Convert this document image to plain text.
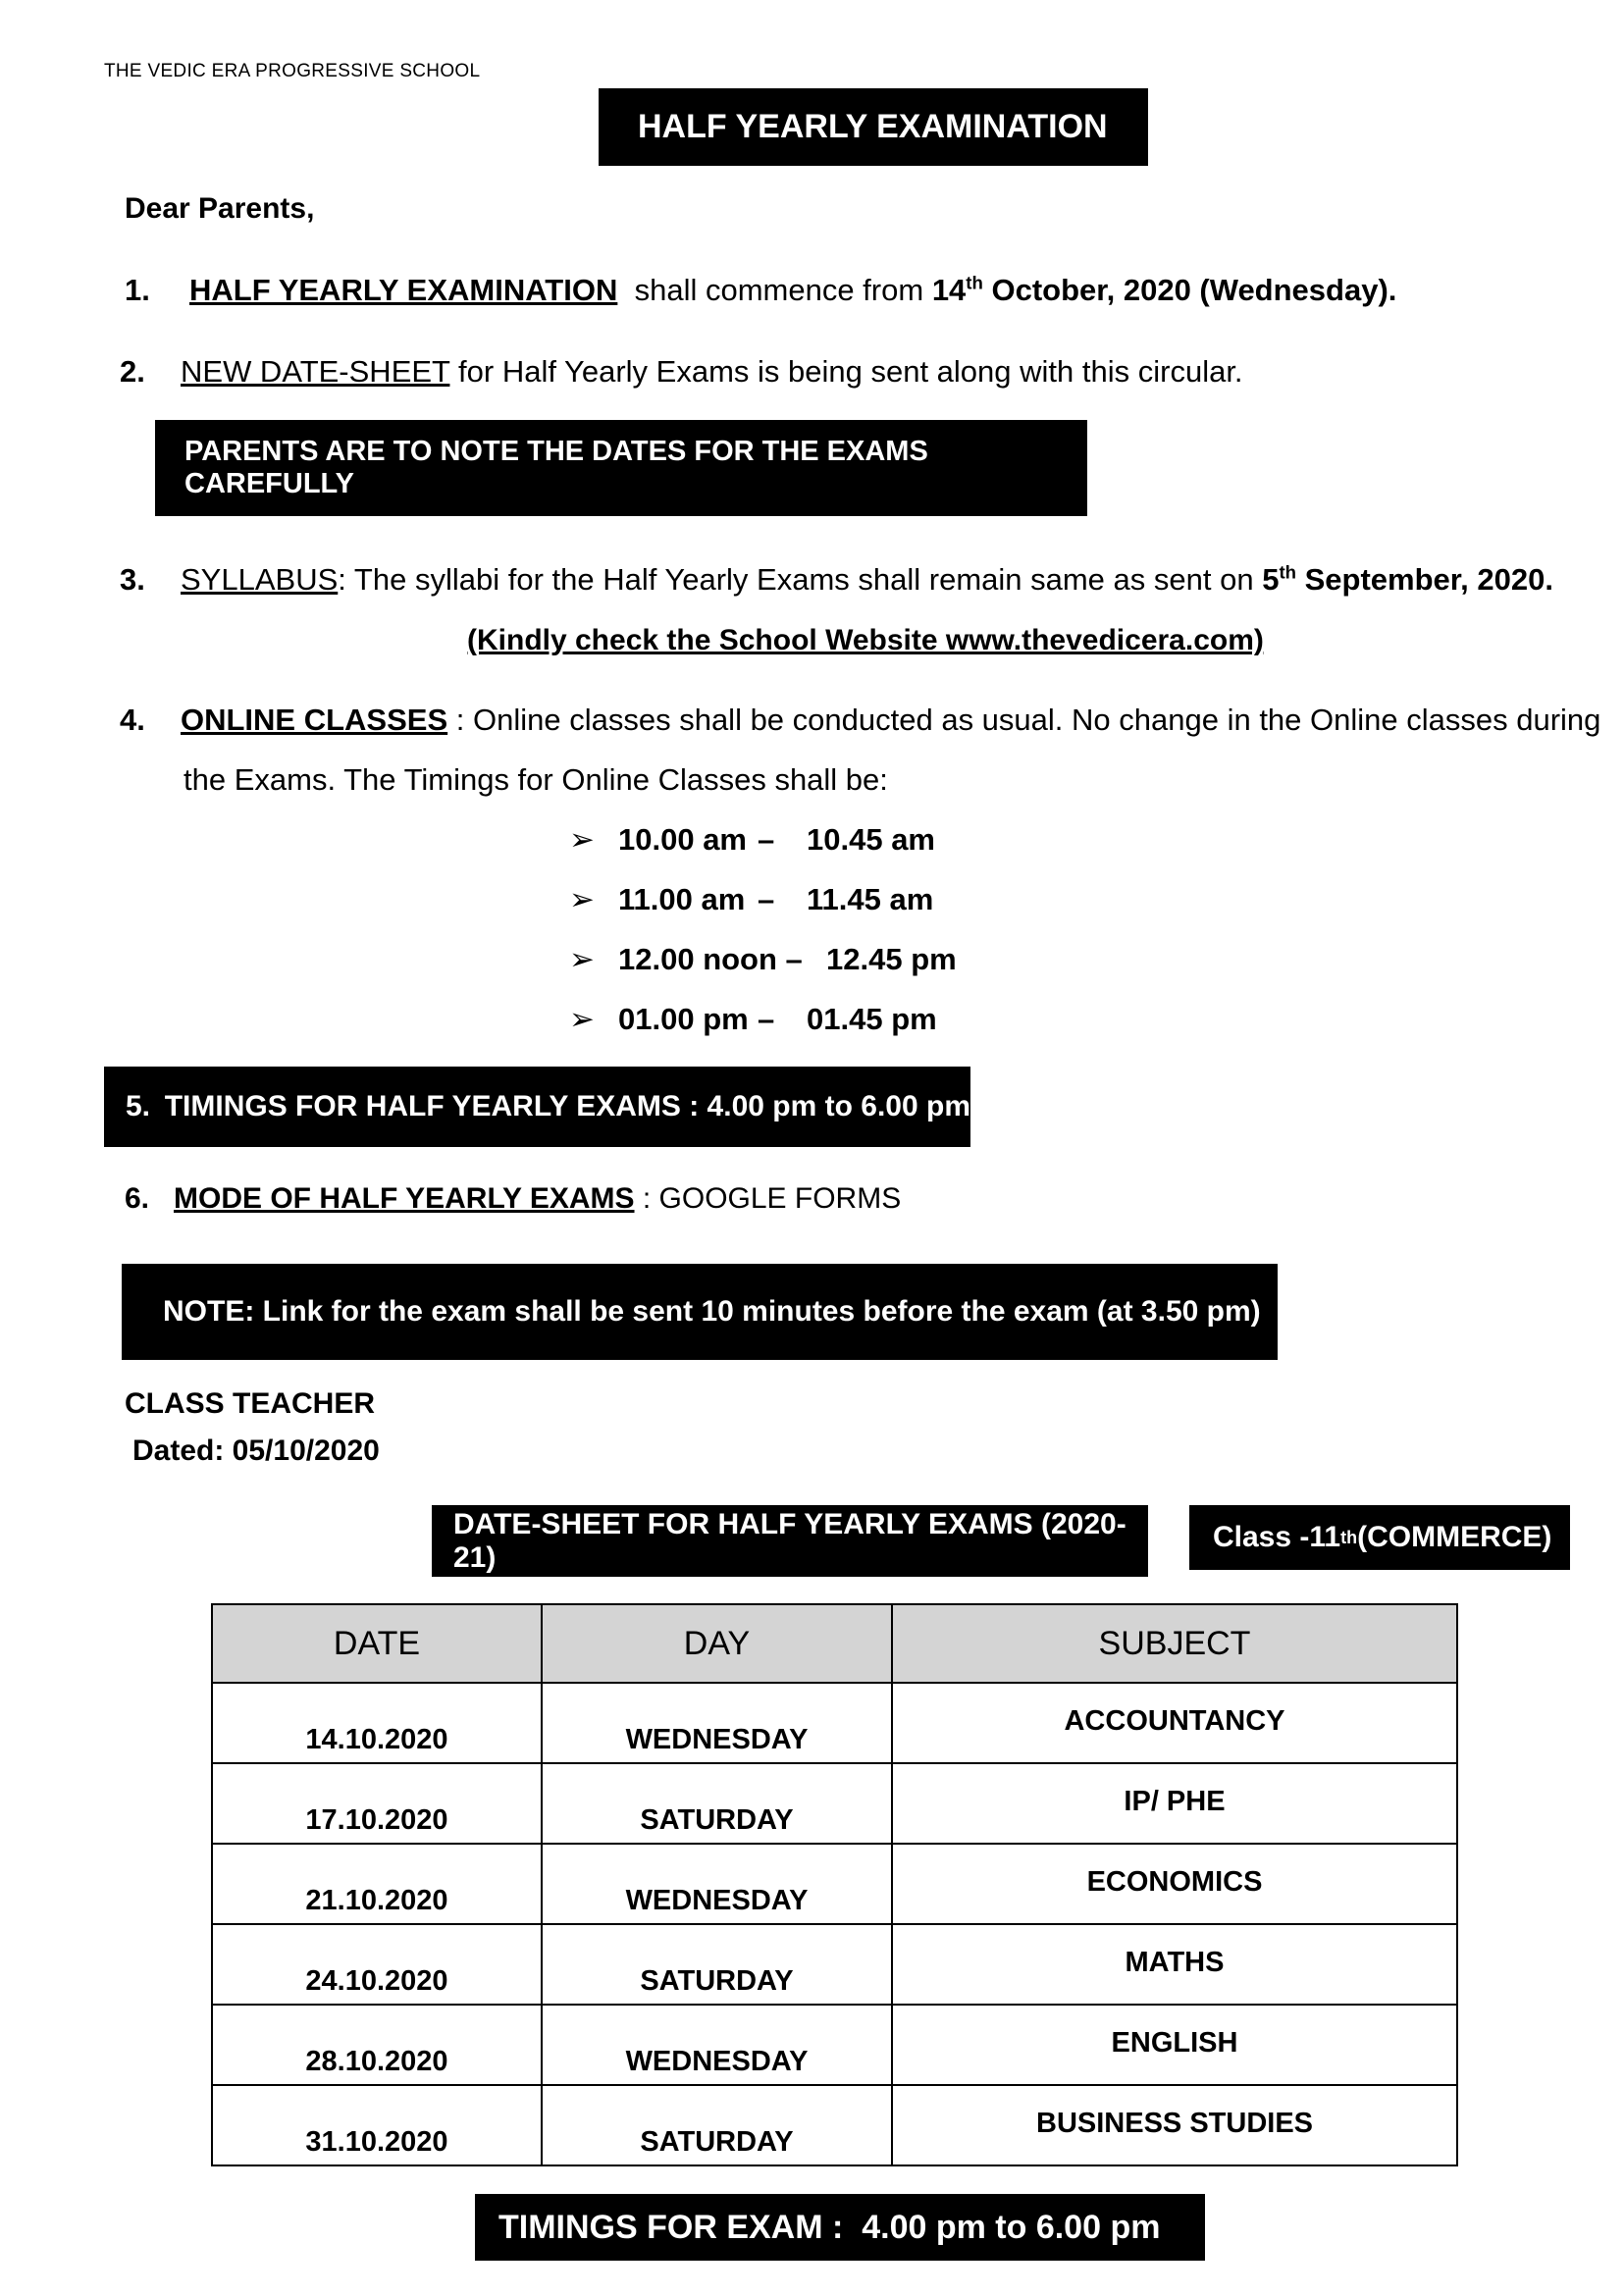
THE VEDIC ERA PROGRESSIVE SCHOOL
HALF YEARLY EXAMINATION
Dear Parents,
1. HALF YEARLY EXAMINATION shall commence from 14th October, 2020 (Wednesday).
2. NEW DATE-SHEET for Half Yearly Exams is being sent along with this circular.
PARENTS ARE TO NOTE THE DATES FOR THE EXAMS CAREFULLY
3. SYLLABUS: The syllabi for the Half Yearly Exams shall remain same as sent on 5th September, 2020.
(Kindly check the School Website www.thevedicera.com)
4. ONLINE CLASSES : Online classes shall be conducted as usual. No change in the Online classes during
the Exams. The Timings for Online Classes shall be:
➢ 10.00 am – 10.45 am
➢ 11.00 am – 11.45 am
➢ 12.00 noon – 12.45 pm
➢ 01.00 pm – 01.45 pm
5. TIMINGS FOR HALF YEARLY EXAMS
: 4.00 pm to 6.00 pm
6. MODE OF HALF YEARLY EXAMS : GOOGLE FORMS
NOTE: Link for the exam shall be sent 10 minutes before the exam (at 3.50 pm)
CLASS TEACHER
Dated: 05/10/2020
DATE-SHEET FOR HALF YEARLY EXAMS (2020-21)
Class -11 th (COMMERCE)
DATE	DAY	SUBJECT

14.10.2020	WEDNESDAY	ACCOUNTANCY

17.10.2020	SATURDAY	IP/ PHE

21.10.2020	WEDNESDAY	ECONOMICS

24.10.2020	SATURDAY	MATHS

28.10.2020	WEDNESDAY	ENGLISH

31.10.2020	SATURDAY	BUSINESS STUDIES
TIMINGS FOR EXAM :  4.00 pm to 6.00 pm
